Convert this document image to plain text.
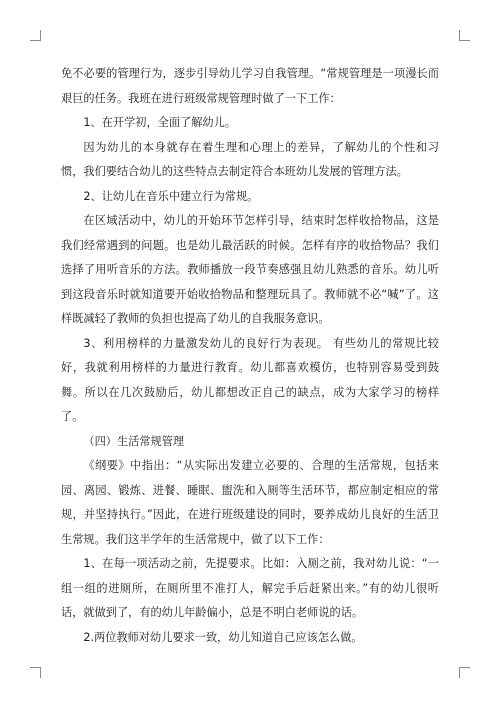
免不必要的管理行为，逐步引导幼儿学习自我管理。“常规管理是一项漫长而艰巨的任务。我班在进行班级常规管理时做了一下工作：

1、在开学初，全面了解幼儿。

因为幼儿的本身就存在着生理和心理上的差异，了解幼儿的个性和习惯，我们要结合幼儿的这些特点去制定符合本班幼儿发展的管理方法。

2、让幼儿在音乐中建立行为常规。

在区域活动中，幼儿的开始环节怎样引导，结束时怎样收拾物品，这是我们经常遇到的问题。也是幼儿最活跃的时候。怎样有序的收拾物品？我们选择了用听音乐的方法。教师播放一段节奏感强且幼儿熟悉的音乐。幼儿听到这段音乐时就知道要开始收拾物品和整理玩具了。教师就不必“喊”了。这样既减轻了教师的负担也提高了幼儿的自我服务意识。

3、利用榜样的力量激发幼儿的良好行为表现。 有些幼儿的常规比较好，我就利用榜样的力量进行教育。幼儿都喜欢模仿，也特别容易受到鼓舞。所以在几次鼓励后，幼儿都想改正自己的缺点，成为大家学习的榜样了。

（四）生活常规管理

《纲要》中指出：“从实际出发建立必要的、合理的生活常规，包括来园、离园、锻炼、进餐、睡眠、盥洗和入厕等生活环节，都应制定相应的常规，并坚持执行。”因此，在进行班级建设的同时，要养成幼儿良好的生活卫生常规。我们这半学年的生活常规中，做了以下工作：

1、在每一项活动之前，先提要求。比如：入厕之前，我对幼儿说：“一组一组的进厕所，在厕所里不准打人，解完手后赶紧出来。”有的幼儿很听话，就做到了，有的幼儿年龄偏小，总是不明白老师说的话。

2.两位教师对幼儿要求一致，幼儿知道自己应该怎么做。
